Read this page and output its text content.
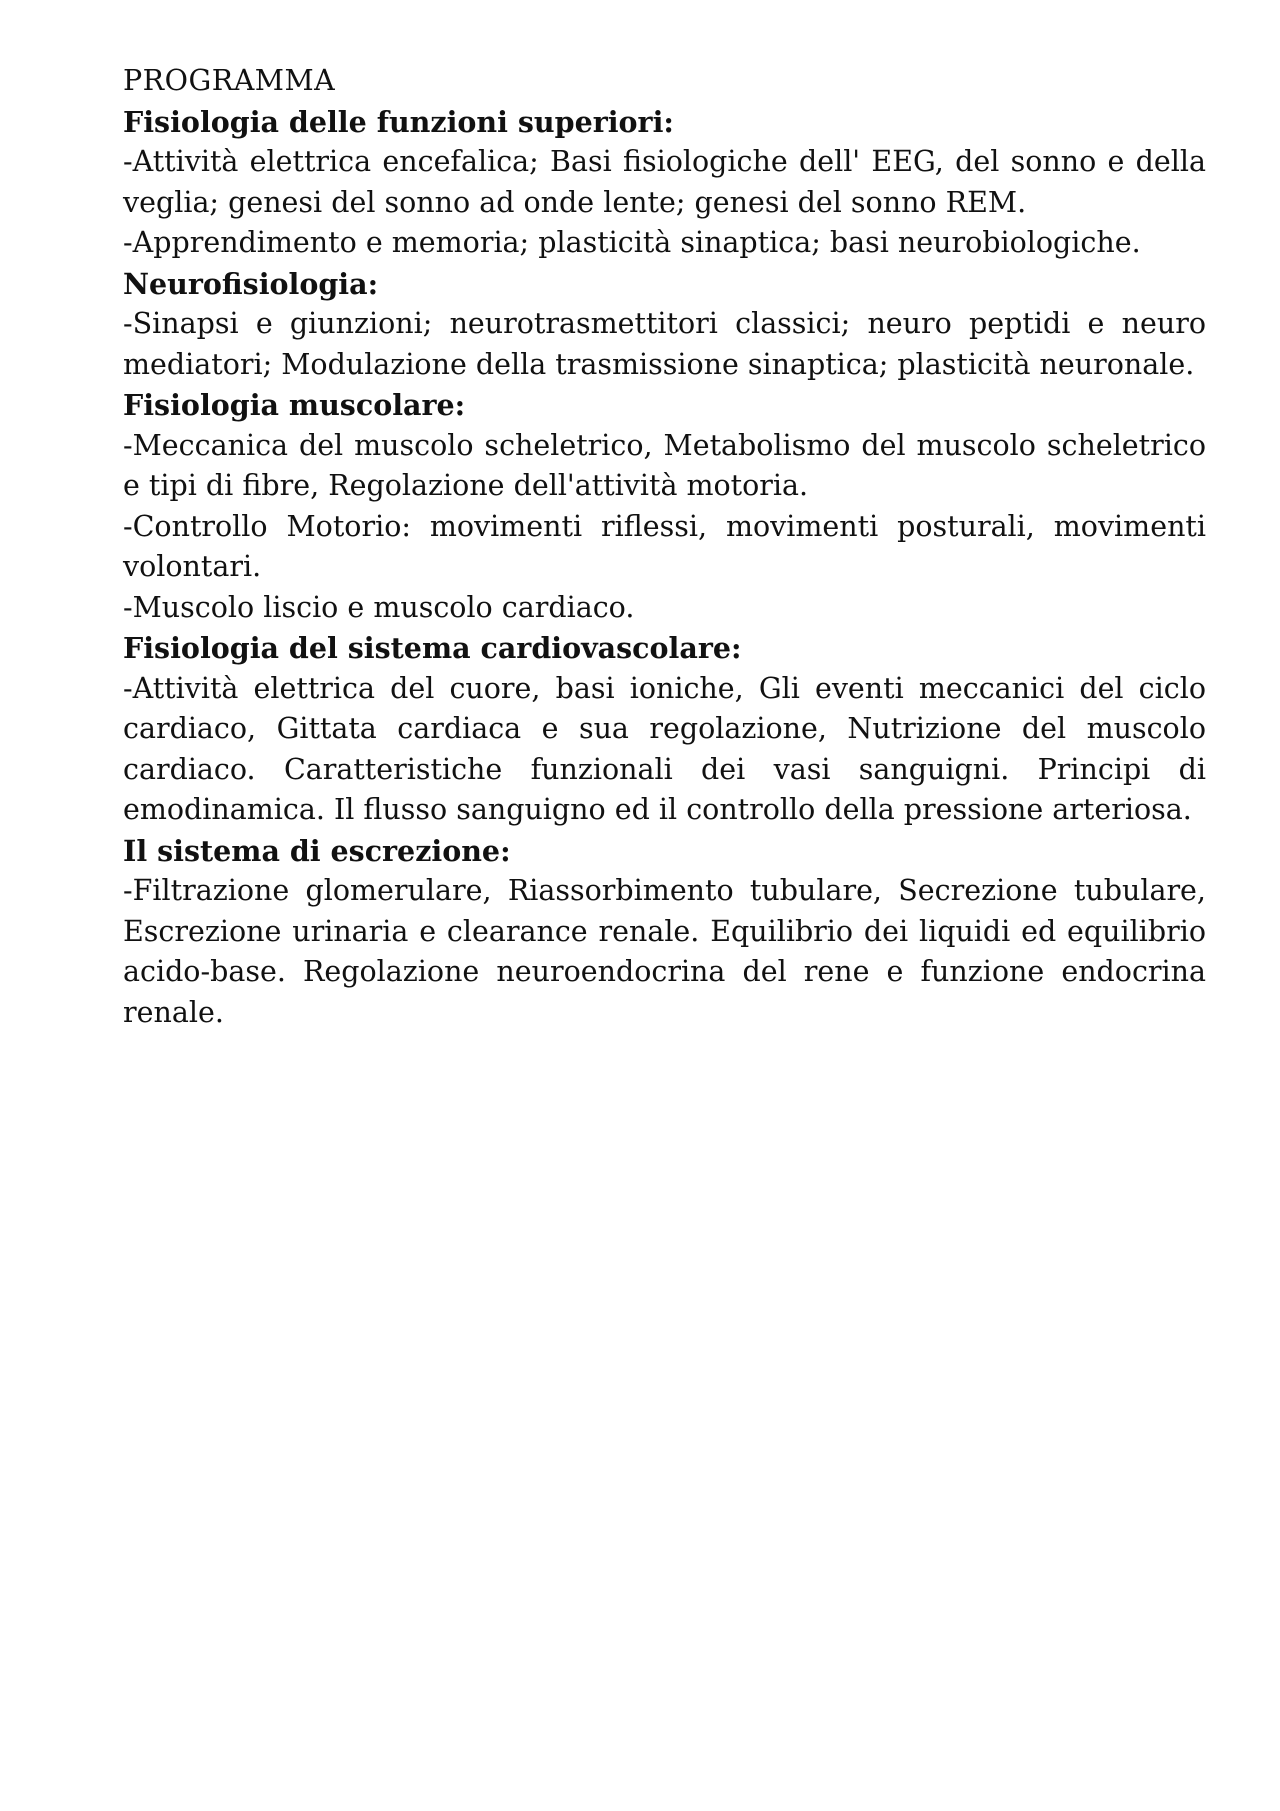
PROGRAMMA

Fisiologia delle funzioni superiori:

-Attività elettrica encefalica; Basi fisiologiche dell' EEG, del sonno e della veglia; genesi del sonno ad onde lente; genesi del sonno REM.

-Apprendimento e memoria; plasticità sinaptica; basi neurobiologiche.

Neurofisiologia:

-Sinapsi e giunzioni; neurotrasmettitori classici; neuro peptidi e neuro mediatori; Modulazione della trasmissione sinaptica; plasticità neuronale.

Fisiologia muscolare:

-Meccanica del muscolo scheletrico, Metabolismo del muscolo scheletrico e tipi di fibre, Regolazione dell'attività motoria.

-Controllo Motorio: movimenti riflessi, movimenti posturali, movimenti volontari.

-Muscolo liscio e muscolo cardiaco.

Fisiologia del sistema cardiovascolare:

-Attività elettrica del cuore, basi ioniche, Gli eventi meccanici del ciclo cardiaco, Gittata cardiaca e sua regolazione, Nutrizione del muscolo cardiaco. Caratteristiche funzionali dei vasi sanguigni. Principi di emodinamica. Il flusso sanguigno ed il controllo della pressione arteriosa.

Il sistema di escrezione:

-Filtrazione glomerulare, Riassorbimento tubulare, Secrezione tubulare, Escrezione urinaria e clearance renale. Equilibrio dei liquidi ed equilibrio acido-base. Regolazione neuroendocrina del rene e funzione endocrina renale.
